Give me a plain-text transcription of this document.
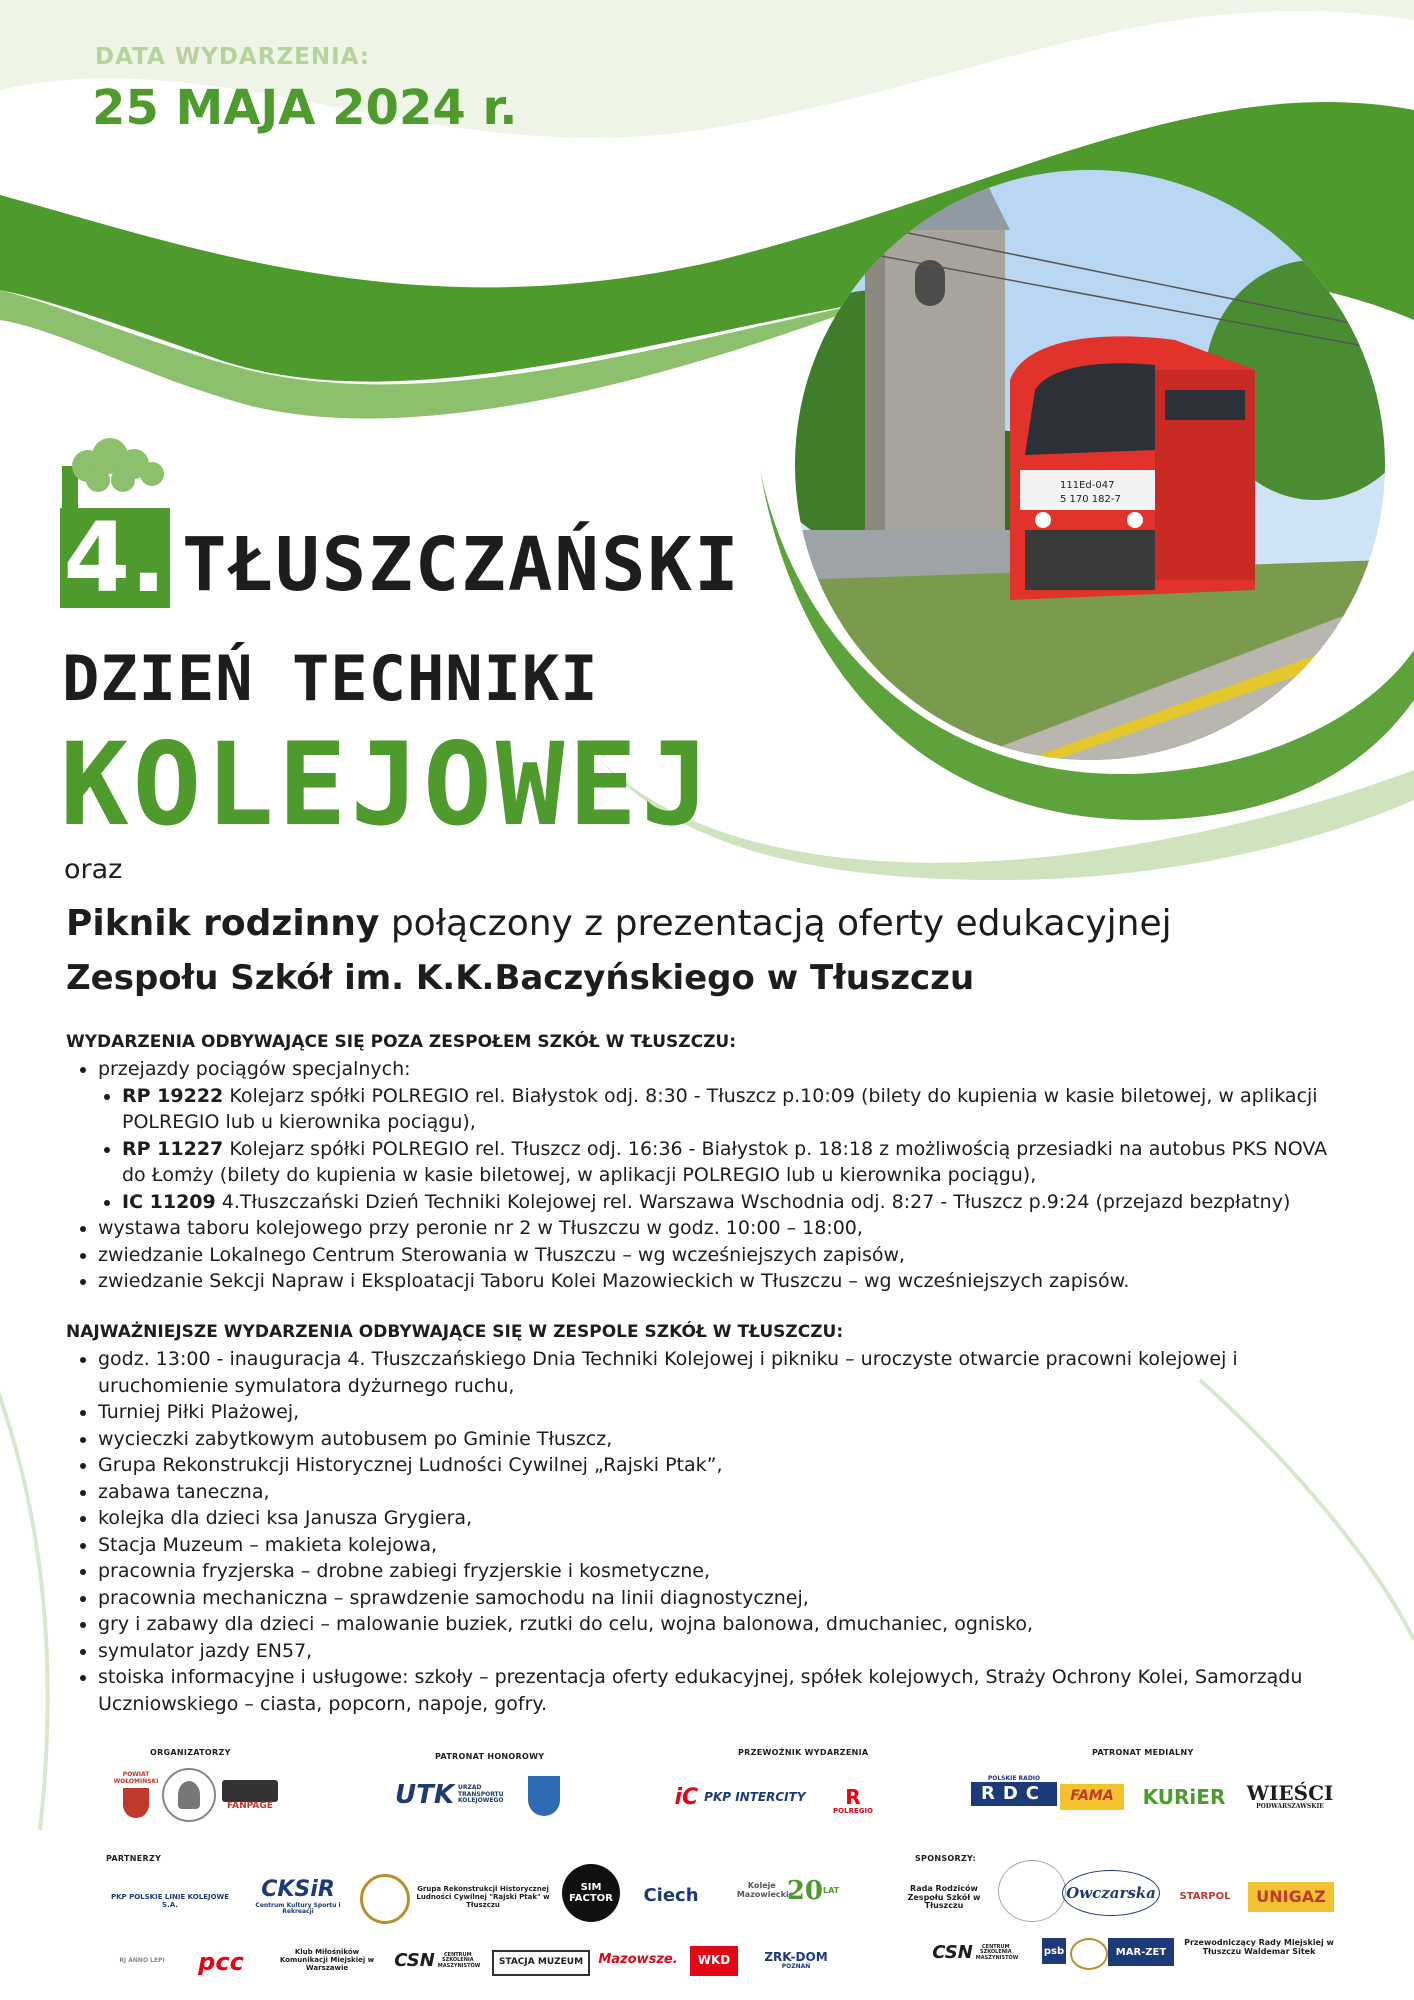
DATA WYDARZENIA:
25 MAJA 2024 r.
111Ed-047
5 170 182-7
4. TŁUSZCZAŃSKI
DZIEŃ TECHNIKI
KOLEJOWEJ
oraz
Piknik rodzinny połączony z prezentacją oferty edukacyjnej
Zespołu Szkół im. K.K.Baczyńskiego w Tłuszczu
WYDARZENIA ODBYWAJĄCE SIĘ POZA ZESPOŁEM SZKÓŁ W TŁUSZCZU:
• przejazdy pociągów specjalnych:
• RP 19222 Kolejarz spółki POLREGIO rel. Białystok odj. 8:30 - Tłuszcz p.10:09 (bilety do kupienia w kasie biletowej, w aplikacji POLREGIO lub u kierownika pociągu),
• RP 11227 Kolejarz spółki POLREGIO rel. Tłuszcz odj. 16:36 - Białystok p. 18:18 z możliwością przesiadki na autobus PKS NOVA do Łomży (bilety do kupienia w kasie biletowej, w aplikacji POLREGIO lub u kierownika pociągu),
• IC 11209 4.Tłuszczański Dzień Techniki Kolejowej rel. Warszawa Wschodnia odj. 8:27 - Tłuszcz p.9:24 (przejazd bezpłatny)
• wystawa taboru kolejowego przy peronie nr 2 w Tłuszczu w godz. 10:00 – 18:00,
• zwiedzanie Lokalnego Centrum Sterowania w Tłuszczu – wg wcześniejszych zapisów,
• zwiedzanie Sekcji Napraw i Eksploatacji Taboru Kolei Mazowieckich w Tłuszczu – wg wcześniejszych zapisów.
NAJWAŻNIEJSZE WYDARZENIA ODBYWAJĄCE SIĘ W ZESPOLE SZKÓŁ W TŁUSZCZU:
• godz. 13:00 - inauguracja 4. Tłuszczańskiego Dnia Techniki Kolejowej i pikniku – uroczyste otwarcie pracowni kolejowej i uruchomienie symulatora dyżurnego ruchu,
• Turniej Piłki Plażowej,
• wycieczki zabytkowym autobusem po Gminie Tłuszcz,
• Grupa Rekonstrukcji Historycznej Ludności Cywilnej „Rajski Ptak”,
• zabawa taneczna,
• kolejka dla dzieci ksa Janusza Grygiera,
• Stacja Muzeum – makieta kolejowa,
• pracownia fryzjerska – drobne zabiegi fryzjerskie i kosmetyczne,
• pracownia mechaniczna – sprawdzenie samochodu na linii diagnostycznej,
• gry i zabawy dla dzieci – malowanie buziek, rzutki do celu, wojna balonowa, dmuchaniec, ognisko,
• symulator jazdy EN57,
• stoiska informacyjne i usługowe: szkoły – prezentacja oferty edukacyjnej, spółek kolejowych, Straży Ochrony Kolei, Samorządu Uczniowskiego – ciasta, popcorn, napoje, gofry.
ORGANIZATORZY	PATRONAT HONOROWY	PRZEWOŹNIK WYDARZENIA	PATRONAT MEDIALNY
PARTNERZY	SPONSORZY:
POWIAT WOŁOMIŃSKI
FANPAGE	UTK URZĄD TRANSPORTU KOLEJOWEGO	iC PKP INTERCITY R
POLREGIO
POLSKIE RADIO
RDC	FAMA	KURiER	WIEŚCI
PODWARSZAWSKIE
PKP POLSKIE LINIE KOLEJOWE S.A.
CKSiR
Centrum Kultury Sportu i Rekreacji
Grupa Rekonstrukcji Historycznej Ludności Cywilnej "Rajski Ptak" w Tłuszczu
SIM FACTOR	Ciech	Koleje Mazowieckie
20 LAT	Rada Rodziców Zespołu Szkół w Tłuszczu
Owczarska	STARPOL	UNIGAZ
RJ ANNO LEPI	pcc	Klub Miłośników Komunikacji Miejskiej w Warszawie	CSN	CENTRUM SZKOLENIA MASZYNISTÓW	STACJA MUZEUM	Mazowsze.	WKD	ZRK-DOM
POZNAŃ
CSN	CENTRUM SZKOLENIA MASZYNISTÓW
psb	MAR-ZET
Przewodniczący Rady Miejskiej w Tłuszczu Waldemar Sitek
